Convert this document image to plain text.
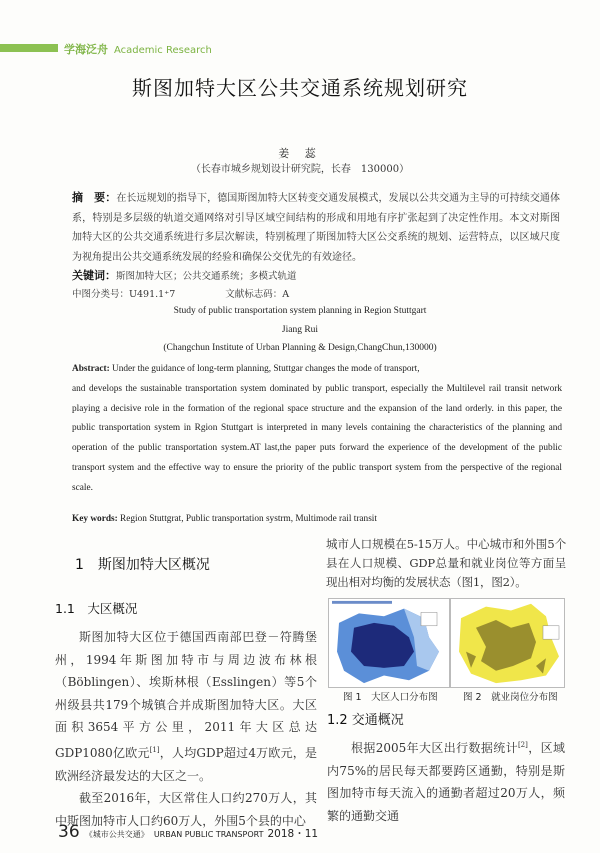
学海泛舟 Academic Research
斯图加特大区公共交通系统规划研究
姜 蕊
（长春市城乡规划设计研究院，长春　130000）
摘　要：在长远规划的指导下，德国斯图加特大区转变交通发展模式，发展以公共交通为主导的可持续交通体系，特别是多层级的轨道交通网络对引导区域空间结构的形成和用地有序扩张起到了决定性作用。本文对斯图加特大区的公共交通系统进行多层次解读，特别梳理了斯图加特大区公交系统的规划、运营特点，以区域尺度为视角提出公共交通系统发展的经验和确保公交优先的有效途径。
关键词：斯图加特大区；公共交通系统；多模式轨道
中图分类号：U491.1⁺7	文献标志码：A
Study of public transportation system planning in Region Stuttgart
Jiang Rui
(Changchun Institute of Urban Planning & Design,ChangChun,130000)
Abstract: Under the guidance of long-term planning, Stuttgar changes the mode of transport,
and develops the sustainable transportation system dominated by public transport, especially the Multilevel rail transit network playing a decisive role in the formation of the regional space structure and the expansion of the land orderly. in this paper, the public transportation system in Rgion Stuttgart is interpreted in many levels containing the characteristics of the planning and operation of the public transportation system.AT last,the paper puts forward the experience of the development of the public transport system and the effective way to ensure the priority of the public transport system from the perspective of the regional scale.
Key words: Region Stuttgrat, Public transportation systrm, Multimode rail transit
1　斯图加特大区概况
1.1　大区概况

斯图加特大区位于德国西南部巴登－符腾堡州，1994年斯图加特市与周边波布林根（Böblingen）、埃斯林根（Esslingen）等5个州级县共179个城镇合并成斯图加特大区。大区面积3654平方公里，2011年大区总达GDP1080亿欧元[1]，人均GDP超过4万欧元，是欧洲经济最发达的大区之一。

截至2016年，大区常住人口约270万人，其中斯图加特市人口约60万人，外围5个县的中心

城市人口规模在5-15万人。中心城市和外围5个县在人口规模、GDP总量和就业岗位等方面呈现出相对均衡的发展状态（图1，图2）。
图 1　大区人口分布图	图 2　就业岗位分布图
1.2 交通概况

根据2005年大区出行数据统计[2]，区域内75%的居民每天都要跨区通勤，特别是斯图加特市每天流入的通勤者超过20万人，频繁的通勤交通

36 《城市公共交通》 URBAN PUBLIC TRANSPORT 2018・11
